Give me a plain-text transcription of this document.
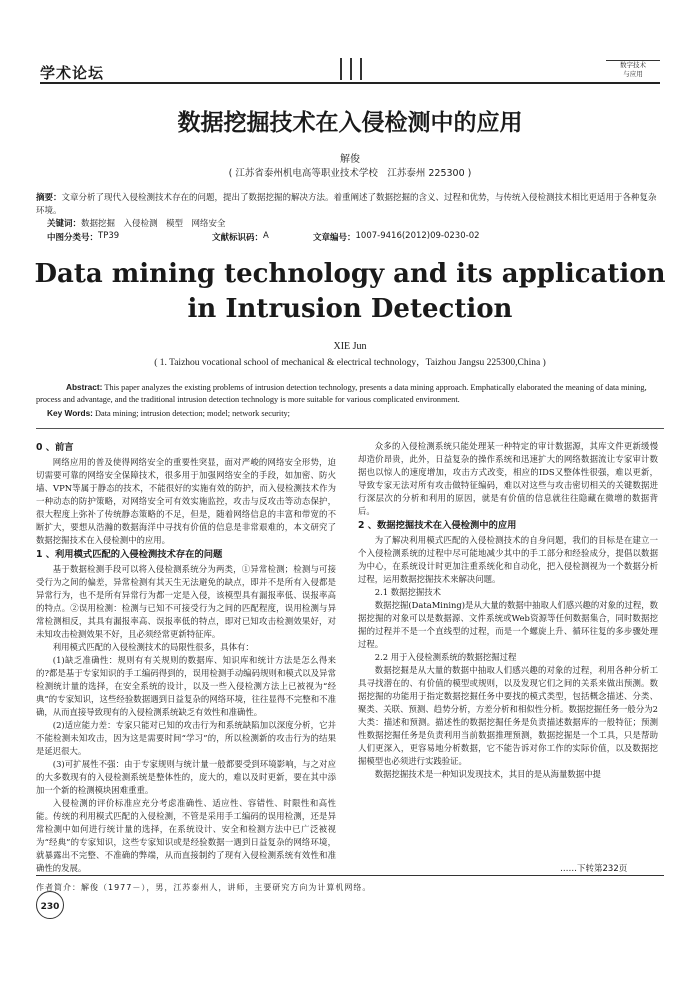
学术论坛	数字技术
与应用
数据挖掘技术在入侵检测中的应用
解俊
( 江苏省泰州机电高等职业技术学校　江苏泰州 225300 )
摘要：文章分析了现代入侵检测技术存在的问题，提出了数据挖掘的解决方法。着重阐述了数据挖掘的含义、过程和优势，与传统入侵检测技术相比更适用于各种复杂环境。
关键词：数据挖掘　入侵检测　模型　网络安全
中图分类号： TP39	文献标识码： A	文章编号： 1007-9416(2012)09-0230-02
Data mining technology and its application
in Intrusion Detection
XIE Jun
( 1. Taizhou vocational school of mechanical & electrical technology，Taizhou Jangsu 225300,China )
Abstract: This paper analyzes the existing problems of intrusion detection technology, presents a data mining approach. Emphatically elaborated the meaning of data mining, process and advantage, and the traditional intrusion detection technology is more suitable for various complicated environment.
Key Words: Data mining; intrusion detection; model; network security;
0 、前言

网络应用的普及使得网络安全的重要性突显，面对严峻的网络安全形势，迫切需要可靠的网络安全保障技术，很多用于加强网络安全的手段，如加密、防火墙、VPN等属于静态的技术，不能很好的实施有效的防护，而入侵检测技术作为一种动态的防护策略，对网络安全可有效实施监控，攻击与反攻击等动态保护，很大程度上弥补了传统静态策略的不足，但是，随着网络信息的丰富和带宽的不断扩大，要想从浩瀚的数据海洋中寻找有价值的信息是非常艰难的，本文研究了数据挖掘技术在入侵检测中的应用。

1 、利用模式匹配的入侵检测技术存在的问题

基于数据检测手段可以将入侵检测系统分为两类，①异常检测；检测与可接受行为之间的偏差，异常检测有其天生无法避免的缺点，即并不是所有入侵都是异常行为，也不是所有异常行为都一定是入侵，该模型具有漏报率低、误报率高的特点。②误用检测：检测与已知不可接受行为之间的匹配程度，误用检测与异常检测相反，其具有漏报率高、误报率低的特点，即对已知攻击检测效果好，对未知攻击检测效果不好，且必须经常更新特征库。

利用模式匹配的入侵检测技术的局限性很多，具体有：

(1)缺乏准确性：规则有有关规则的数据库、知识库和统计方法是怎么得来的?都是基于专家知识的手工编码得到的，误用检测手动编码规则和模式以及异常检测统计量的选择，在安全系统的设计，以及一些入侵检测方法上已被视为“经典”的专家知识，这些经验数据遇到日益复杂的网络环境，往往显得不完整和不准确，从而直接导致现有的入侵检测系统缺乏有效性和准确性。

(2)适应能力差：专家只能对已知的攻击行为和系统缺陷加以深度分析，它并不能检测未知攻击，因为这是需要时间“学习”的，所以检测新的攻击行为的结果是延迟很大。

(3)可扩展性不强：由于专家规则与统计量一般都要受到环境影响，与之对应的大多数现有的入侵检测系统是整体性的，庞大的，难以及时更新，要在其中添加一个新的检测模块困难重重。

入侵检测的评价标准应充分考虑准确性、适应性、容错性、时限性和高性能。传统的利用模式匹配的入侵检测，不管是采用手工编码的误用检测，还是异常检测中如何进行统计量的选择，在系统设计、安全和检测方法中已广泛被视为“经典”的专家知识，这些专家知识或是经验数据一遇到日益复杂的网络环境，就暴露出不完整、不准确的弊端，从而直接制约了现有入侵检测系统有效性和准确性的发展。

众多的入侵检测系统只能处理某一种特定的审计数据源，其库文件更新缓慢却造价昂贵，此外，日益复杂的操作系统和迅速扩大的网络数据流让专家审计数据也以惊人的速度增加，攻击方式改变，相应的IDS又整体性很强，难以更新，导致专家无法对所有攻击做特征编码，难以对这些与攻击密切相关的关键数据进行深层次的分析和利用的原因，就是有价值的信息就往往隐藏在微增的数据背后。

2 、数据挖掘技术在入侵检测中的应用

为了解决利用模式匹配的入侵检测技术的自身问题，我们的目标是在建立一个入侵检测系统的过程中尽可能地减少其中的手工部分和经验成分，提倡以数据为中心，在系统设计时更加注重系统化和自动化，把入侵检测视为一个数据分析过程，运用数据挖掘技术来解决问题。

2.1 数据挖掘技术

数据挖掘(DataMining)是从大量的数据中抽取人们感兴趣的对象的过程，数据挖掘的对象可以是数据源、文件系统或Web资源等任何数据集合，同时数据挖掘的过程并不是一个直线型的过程，而是一个螺旋上升、循环往复的多步骤处理过程。

2.2 用于入侵检测系统的数据挖掘过程

数据挖掘是从大量的数据中抽取人们感兴趣的对象的过程，利用各种分析工具寻找潜在的、有价值的模型或规则，以及发现它们之间的关系来做出预测。数据挖掘的功能用于指定数据挖掘任务中要找的模式类型，包括概念描述、分类、聚类、关联、预测、趋势分析，方差分析和相似性分析。数据挖掘任务一般分为2大类：描述和预测。描述性的数据挖掘任务是负责描述数据库的一般特征；预测性数据挖掘任务是负责利用当前数据推理预测，数据挖掘是一个工具，只是帮助人们更深入，更容易地分析数据，它不能告诉对你工作的实际价值，以及数据挖掘模型也必须进行实践验证。

数据挖掘技术是一种知识发现技术，其目的是从海量数据中提

……下转第232页
作者简介：解俊（1977－），男，江苏泰州人，讲师，主要研究方向为计算机网络。
230
